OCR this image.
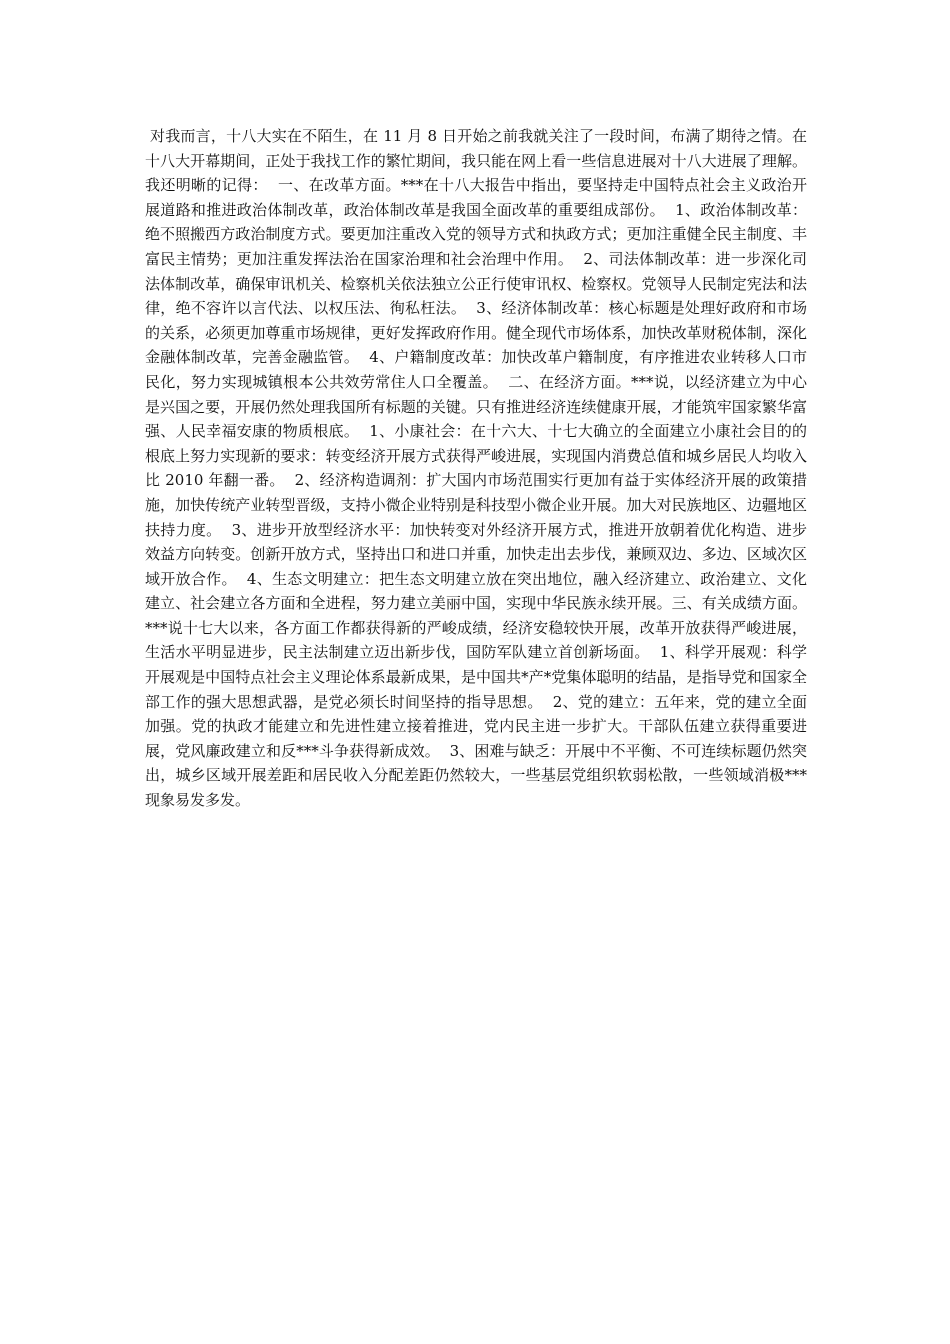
对我而言，十八大实在不陌生，在 11 月 8 日开始之前我就关注了一段时间，布满了期待之情。在十八大开幕期间，正处于我找工作的繁忙期间，我只能在网上看一些信息进展对十八大进展了理解。我还明晰的记得：  一、在改革方面。***在十八大报告中指出，要坚持走中国特点社会主义政治开展道路和推进政治体制改革，政治体制改革是我国全面改革的重要组成部份。  1、政治体制改革：绝不照搬西方政治制度方式。要更加注重改入党的领导方式和执政方式；更加注重健全民主制度、丰富民主情势；更加注重发挥法治在国家治理和社会治理中作用。  2、司法体制改革：进一步深化司法体制改革，确保审讯机关、检察机关依法独立公正行使审讯权、检察权。党领导人民制定宪法和法律，绝不容许以言代法、以权压法、徇私枉法。  3、经济体制改革：核心标题是处理好政府和市场的关系，必须更加尊重市场规律，更好发挥政府作用。健全现代市场体系，加快改革财税体制，深化金融体制改革，完善金融监管。  4、户籍制度改革：加快改革户籍制度，有序推进农业转移人口市民化，努力实现城镇根本公共效劳常住人口全覆盖。  二、在经济方面。***说，以经济建立为中心是兴国之要，开展仍然处理我国所有标题的关键。只有推进经济连续健康开展，才能筑牢国家繁华富强、人民幸福安康的物质根底。  1、小康社会：在十六大、十七大确立的全面建立小康社会目的的根底上努力实现新的要求：转变经济开展方式获得严峻进展，实现国内消费总值和城乡居民人均收入比 2010 年翻一番。  2、经济构造调剂：扩大国内市场范围实行更加有益于实体经济开展的政策措施，加快传统产业转型晋级，支持小微企业特别是科技型小微企业开展。加大对民族地区、边疆地区扶持力度。  3、进步开放型经济水平：加快转变对外经济开展方式，推进开放朝着优化构造、进步效益方向转变。创新开放方式，坚持出口和进口并重，加快走出去步伐，兼顾双边、多边、区域次区域开放合作。  4、生态文明建立：把生态文明建立放在突出地位，融入经济建立、政治建立、文化建立、社会建立各方面和全进程，努力建立美丽中国，实现中华民族永续开展。三、有关成绩方面。***说十七大以来，各方面工作都获得新的严峻成绩，经济安稳较快开展，改革开放获得严峻进展，生活水平明显进步，民主法制建立迈出新步伐，国防军队建立首创新场面。  1、科学开展观：科学开展观是中国特点社会主义理论体系最新成果，是中国共*产*党集体聪明的结晶，是指导党和国家全部工作的强大思想武器，是党必须长时间坚持的指导思想。  2、党的建立：五年来，党的建立全面加强。党的执政才能建立和先进性建立接着推进，党内民主进一步扩大。干部队伍建立获得重要进展，党风廉政建立和反***斗争获得新成效。  3、困难与缺乏：开展中不平衡、不可连续标题仍然突出，城乡区域开展差距和居民收入分配差距仍然较大，一些基层党组织软弱松散，一些领域消极***现象易发多发。
